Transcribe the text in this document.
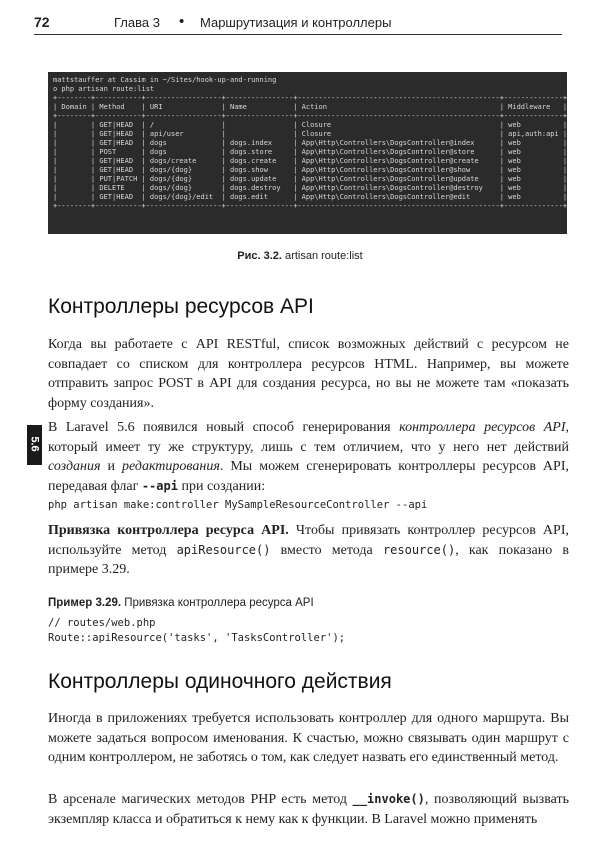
72	Глава 3 • Маршрутизация и контроллеры
mattstauffer at Cassim in ~/Sites/hook-up-and-running
o php artisan route:list
+--------+-----------+------------------+----------------+------------------------------------------------+--------------+
| Domain | Method    | URI              | Name           | Action                                         | Middleware   |
+--------+-----------+------------------+----------------+------------------------------------------------+--------------+
|        | GET|HEAD  | /                |                | Closure                                        | web          |
|        | GET|HEAD  | api/user         |                | Closure                                        | api,auth:api |
|        | GET|HEAD  | dogs             | dogs.index     | App\Http\Controllers\DogsController@index      | web          |
|        | POST      | dogs             | dogs.store     | App\Http\Controllers\DogsController@store      | web          |
|        | GET|HEAD  | dogs/create      | dogs.create    | App\Http\Controllers\DogsController@create     | web          |
|        | GET|HEAD  | dogs/{dog}       | dogs.show      | App\Http\Controllers\DogsController@show       | web          |
|        | PUT|PATCH | dogs/{dog}       | dogs.update    | App\Http\Controllers\DogsController@update     | web          |
|        | DELETE    | dogs/{dog}       | dogs.destroy   | App\Http\Controllers\DogsController@destroy    | web          |
|        | GET|HEAD  | dogs/{dog}/edit  | dogs.edit      | App\Http\Controllers\DogsController@edit       | web          |
+--------+-----------+------------------+----------------+------------------------------------------------+--------------+
Рис. 3.2. artisan route:list
Контроллеры ресурсов API

Когда вы работаете с API RESTful, список возможных действий с ресурсом не совпадает со списком для контроллера ресурсов HTML. Например, вы можете отправить запрос POST в API для создания ресурса, но вы не можете там «показать форму создания».

5.6

В Laravel 5.6 появился новый способ генерирования контроллера ресурсов API, который имеет ту же структуру, лишь с тем отличием, что у него нет действий создания и редактирования. Мы можем сгенерировать контроллеры ресурсов API, передавая флаг --api при создании:

php artisan make:controller MySampleResourceController --api

Привязка контроллера ресурса API. Чтобы привязать контроллер ресурсов API, используйте метод apiResource() вместо метода resource(), как показано в примере 3.29.

Пример 3.29. Привязка контроллера ресурса API
// routes/web.php
Route::apiResource('tasks', 'TasksController');
Контроллеры одиночного действия

Иногда в приложениях требуется использовать контроллер для одного маршрута. Вы можете задаться вопросом именования. К счастью, можно связывать один маршрут с одним контроллером, не заботясь о том, как следует назвать его единственный метод.

В арсенале магических методов PHP есть метод __invoke(), позволяющий вызвать экземпляр класса и обратиться к нему как к функции. В Laravel можно применять
